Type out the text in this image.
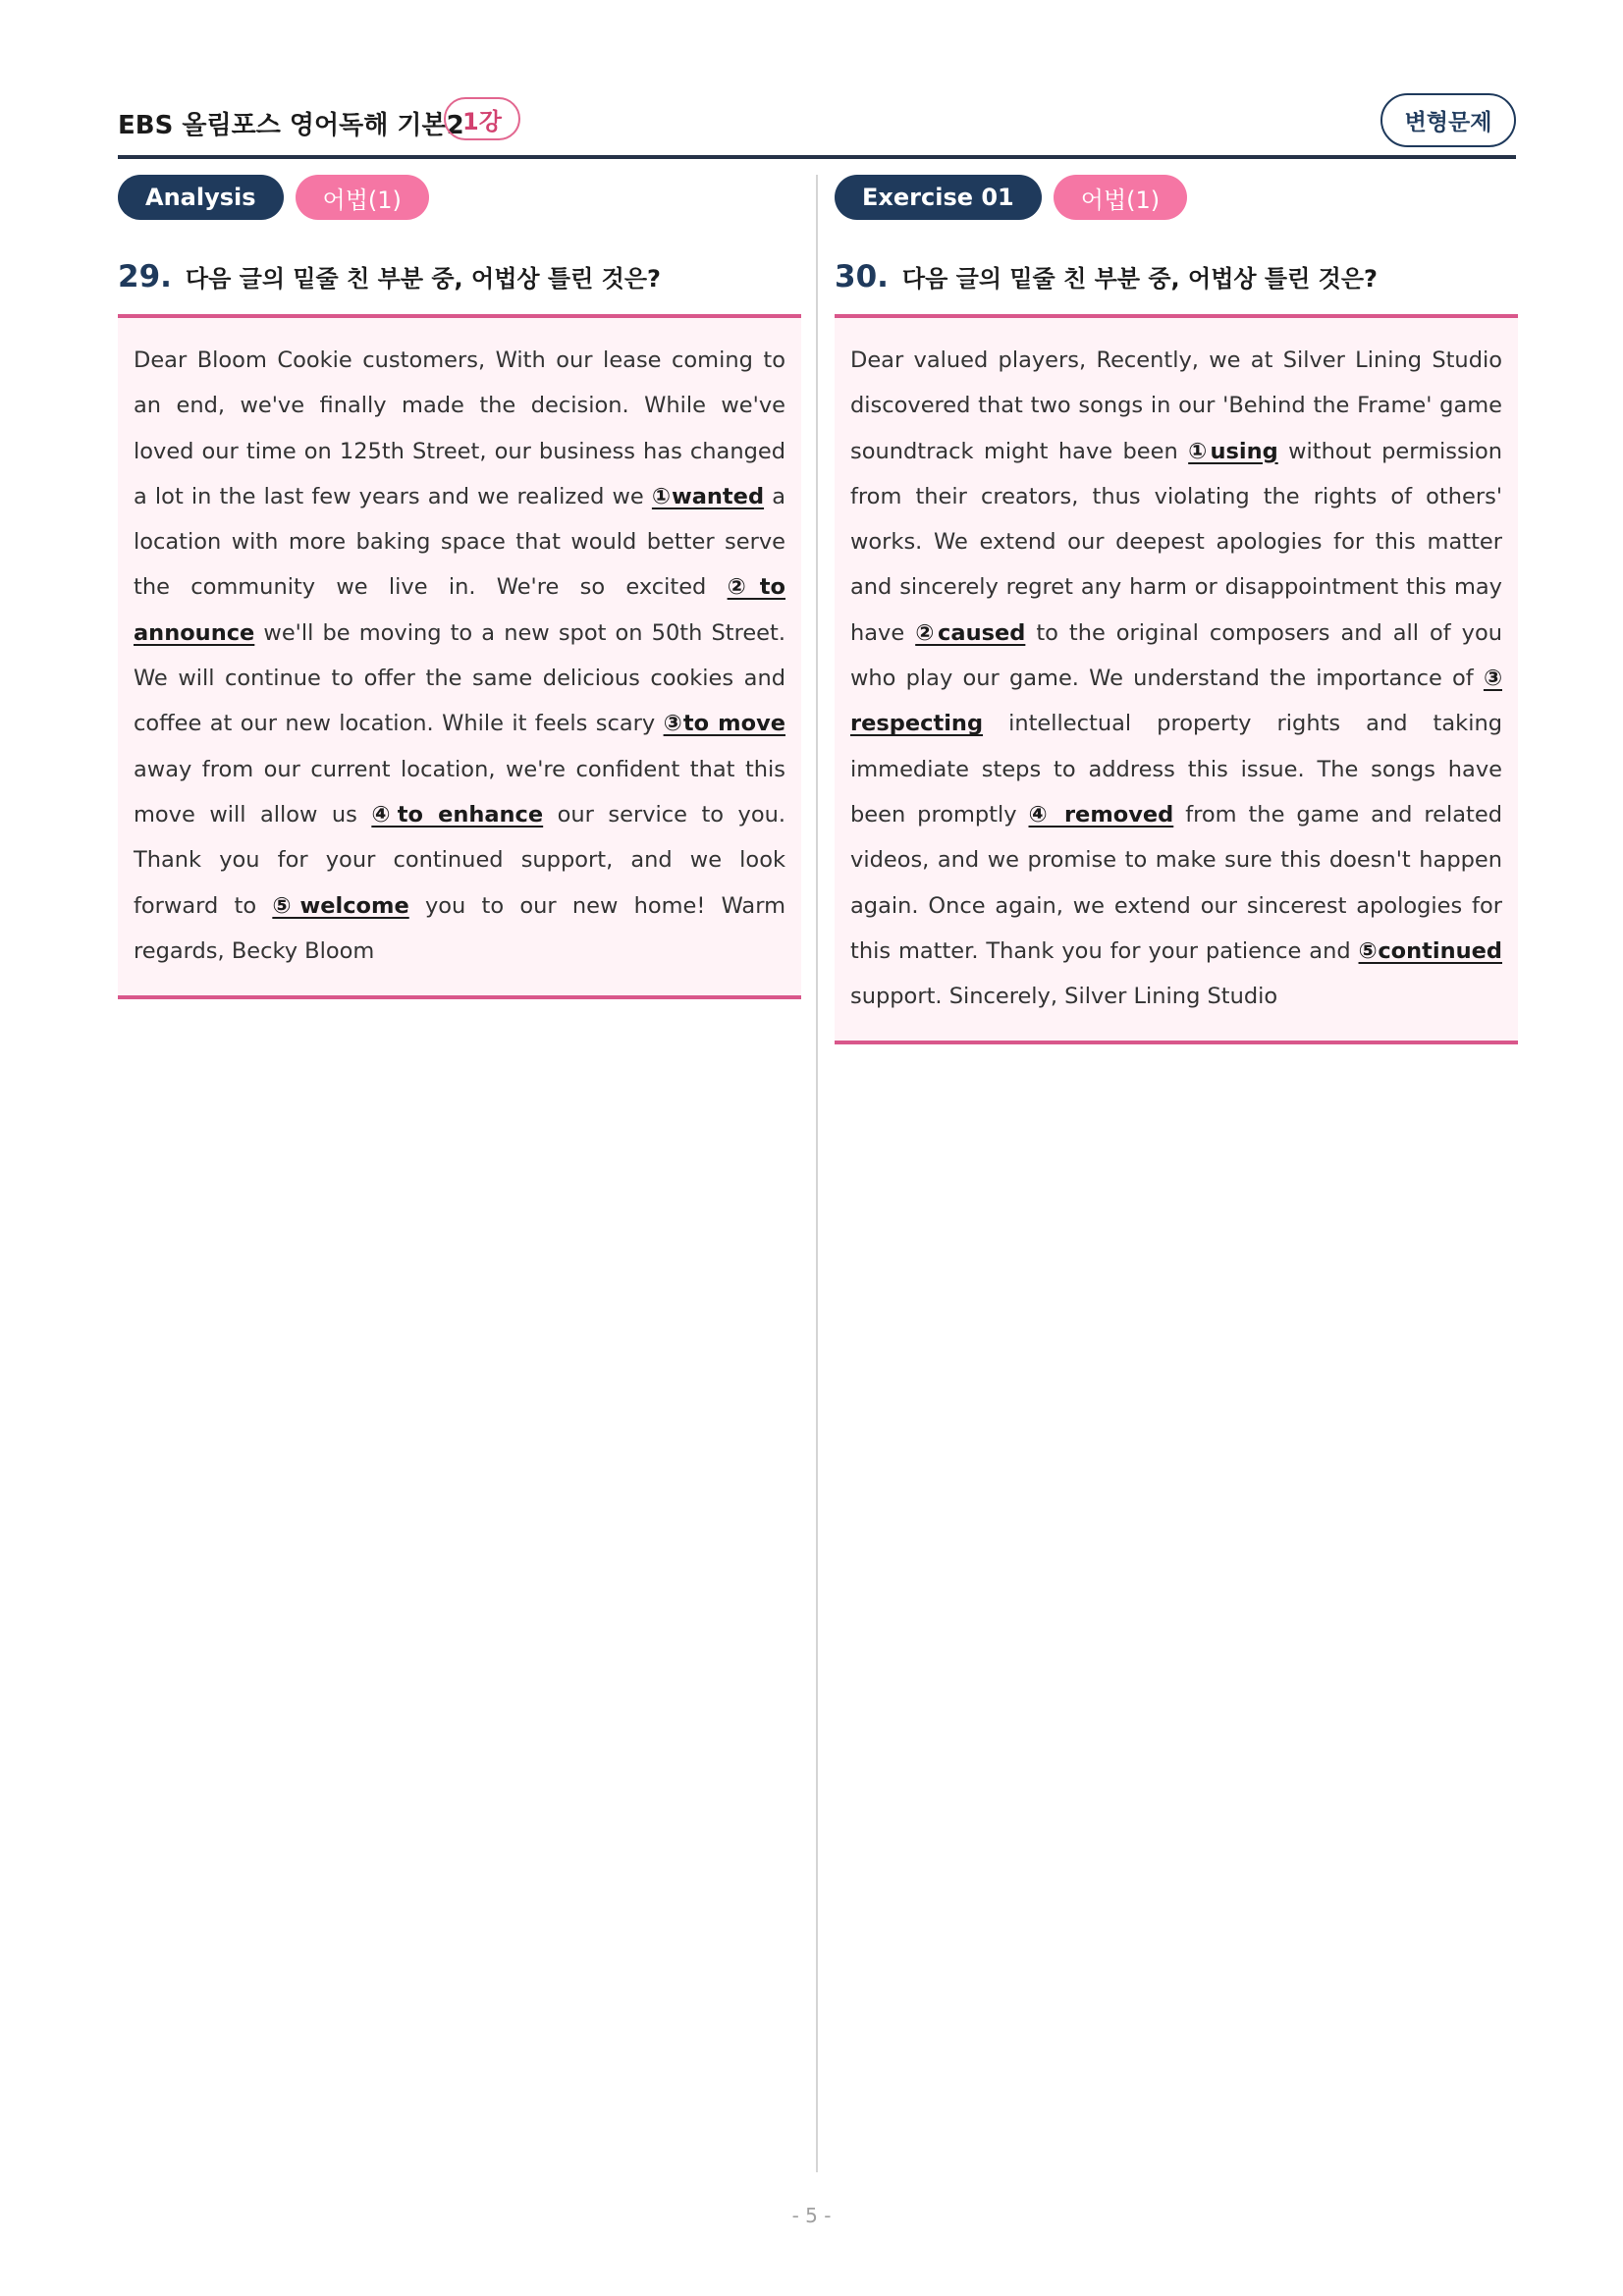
EBS 올림포스 영어독해 기본2
1강	변형문제
Analysis	어법(1)
29. 다음 글의 밑줄 친 부분 중, 어법상 틀린 것은?
Dear Bloom Cookie customers, With our lease coming to an end, we've finally made the decision. While we've loved our time on 125th Street, our business has changed a lot in the last few years and we realized we ①wanted a location with more baking space that would better serve the community we live in. We're so excited ②to announce we'll be moving to a new spot on 50th Street. We will continue to offer the same delicious cookies and coffee at our new location. While it feels scary ③to move away from our current location, we're confident that this move will allow us ④to enhance our service to you. Thank you for your continued support, and we look forward to ⑤welcome you to our new home! Warm regards, Becky Bloom
Exercise 01	어법(1)
30. 다음 글의 밑줄 친 부분 중, 어법상 틀린 것은?
Dear valued players, Recently, we at Silver Lining Studio discovered that two songs in our 'Behind the Frame' game soundtrack might have been ①using without permission from their creators, thus violating the rights of others' works. We extend our deepest apologies for this matter and sincerely regret any harm or disappointment this may have ②caused to the original composers and all of you who play our game. We understand the importance of ③ respecting intellectual property rights and taking immediate steps to address this issue. The songs have been promptly ④ removed from the game and related videos, and we promise to make sure this doesn't happen again. Once again, we extend our sincerest apologies for this matter. Thank you for your patience and ⑤continued support. Sincerely, Silver Lining Studio
- 5 -
